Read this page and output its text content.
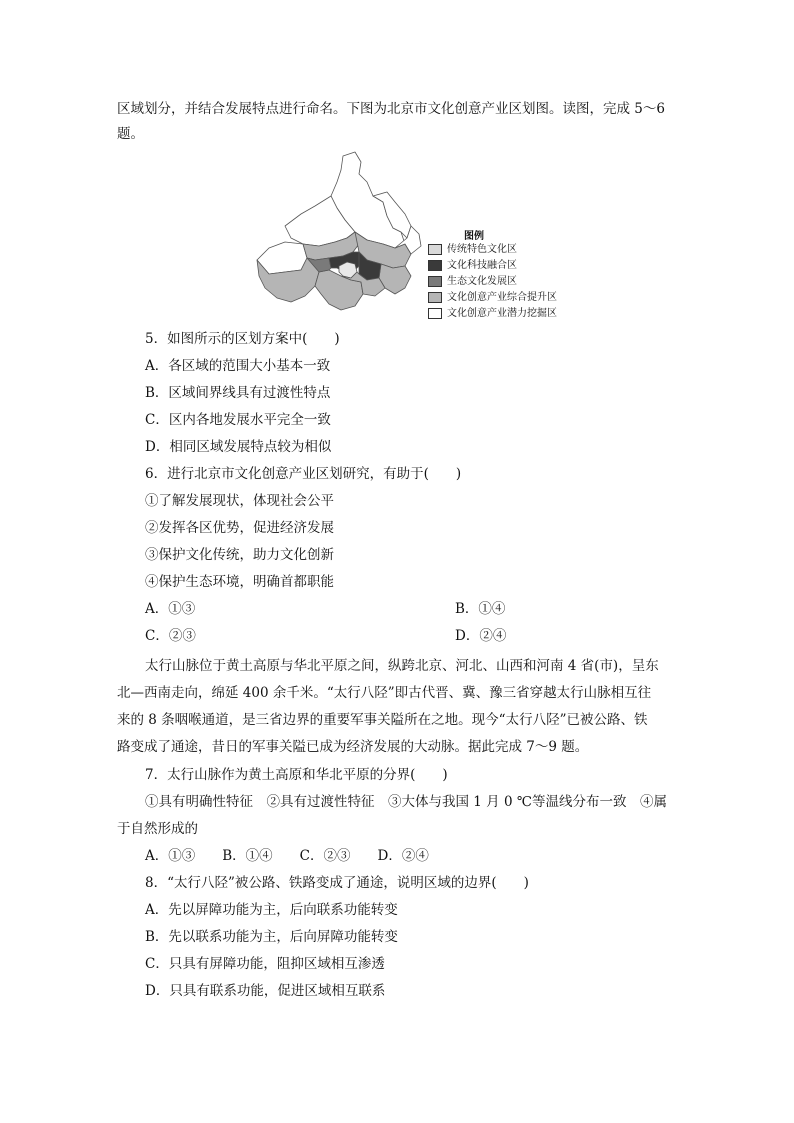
区域划分，并结合发展特点进行命名。下图为北京市文化创意产业区划图。读图，完成 5～6
题。
图例
传统特色文化区
文化科技融合区
生态文化发展区
文化创意产业综合提升区
文化创意产业潜力挖掘区
5．如图所示的区划方案中(　　)
A．各区域的范围大小基本一致
B．区域间界线具有过渡性特点
C．区内各地发展水平完全一致
D．相同区域发展特点较为相似
6．进行北京市文化创意产业区划研究，有助于(　　)
①了解发展现状，体现社会公平
②发挥各区优势，促进经济发展
③保护文化传统，助力文化创新
④保护生态环境，明确首都职能
A．①③	B．①④
C．②③	D．②④
太行山脉位于黄土高原与华北平原之间，纵跨北京、河北、山西和河南 4 省(市)，呈东
北—西南走向，绵延 400 余千米。“太行八陉”即古代晋、冀、豫三省穿越太行山脉相互往
来的 8 条咽喉通道，是三省边界的重要军事关隘所在之地。现今“太行八陉”已被公路、铁
路变成了通途，昔日的军事关隘已成为经济发展的大动脉。据此完成 7～9 题。
7．太行山脉作为黄土高原和华北平原的分界(　　)
①具有明确性特征　②具有过渡性特征　③大体与我国 1 月 0 ℃等温线分布一致　④属
于自然形成的
A．①③　　B．①④　　C．②③　　D．②④
8．“太行八陉”被公路、铁路变成了通途，说明区域的边界(　　)
A．先以屏障功能为主，后向联系功能转变
B．先以联系功能为主，后向屏障功能转变
C．只具有屏障功能，阻抑区域相互渗透
D．只具有联系功能，促进区域相互联系
